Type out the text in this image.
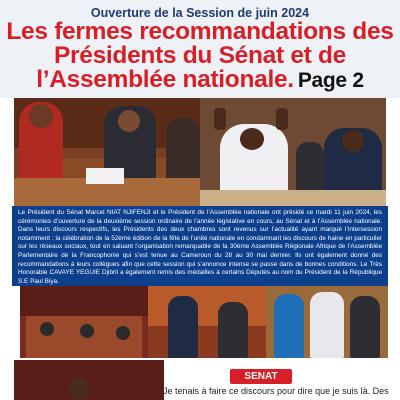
Ouverture de la Session de juin 2024
Les fermes recommandations des Présidents du Sénat et de l’Assemblée nationale. Page 2
Le Président du Sénat Marcel NIAT NJIFENJI et le Président de l’Assemblée nationale ont présidé ce mardi 11 juin 2024, les cérémonies d’ouverture de la deuxième session ordinaire de l’année législative en cours, au Sénat et à l’Assemblée nationale. Dans leurs discours respectifs, les Présidents des deux chambres sont revenus sur l’actualité ayant marqué l’intersession notamment : la célébration de la 52ème édition de la fête de l’unité nationale en condamnant les discours de haine en particulier sur les réseaux sociaux, tout en saluant l’organisation remarquable de la 30ème Assemblée Régionale Afrique de l’Assemblée Parlementaire de la Francophonie qui s’est tenue au Cameroun du 28 au 30 mai dernier. Ils ont également donné des recommandations à leurs collègues afin que cette session qui s’annonce intense se passe dans de bonnes conditions. Le Très Honorable CAVAYE YEGUIE Djibril a également remis des médailles à certains Députés au nom du Président de la République S.E Paul Biya.
SENAT
“Je tenais à faire ce discours pour dire que je suis là. Des
